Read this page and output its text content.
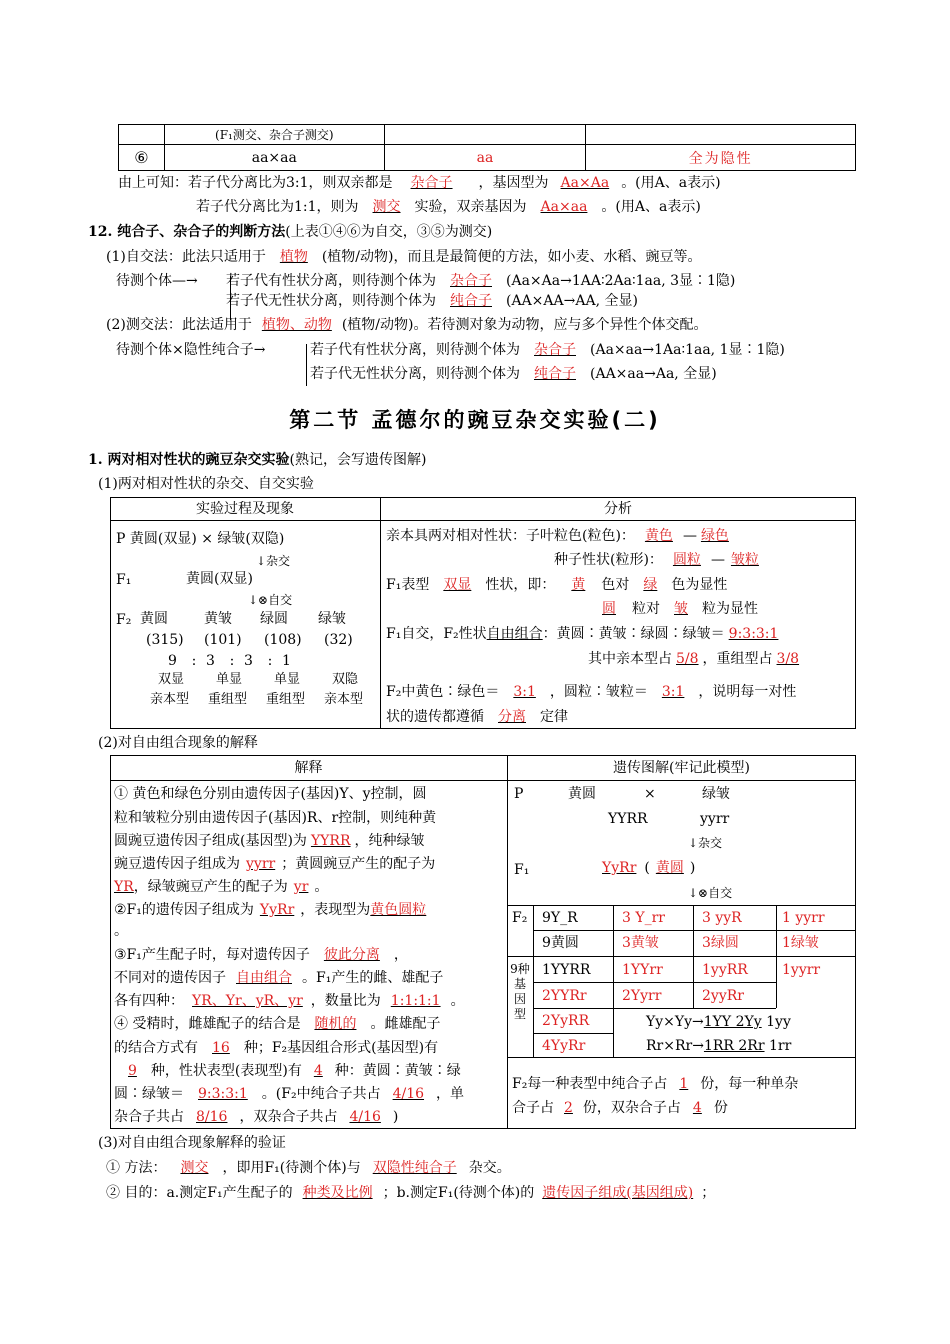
	(F₁测交、杂合子测交)		
⑥	aa×aa	aa	全为隐性
由上可知：若子代分离比为3:1，则双亲都是 杂合子 ，基因型为 Aa×Aa 。(用A、a表示)
若子代分离比为1:1，则为 测交 实验，双亲基因为 Aa×aa 。(用A、a表示)
12. 纯合子、杂合子的判断方法(上表①④⑥为自交，③⑤为测交)
(1)自交法：此法只适用于 植物 (植物/动物)，而且是最简便的方法，如小麦、水稻、豌豆等。
待测个体—→ 若子代有性状分离，则待测个体为 杂合子 (Aa×Aa→1AA∶2Aa∶1aa, 3显∶1隐)
若子代无性状分离，则待测个体为 纯合子 (AA×AA→AA, 全显)
(2)测交法：此法适用于 植物、动物 (植物/动物)。若待测对象为动物，应与多个异性个体交配。
待测个体×隐性纯合子→	若子代有性状分离，则待测个体为 杂合子 (Aa×aa→1Aa∶1aa, 1显∶1隐)
若子代无性状分离，则待测个体为 纯合子 (AA×aa→Aa, 全显)
第二节 孟德尔的豌豆杂交实验(二)
1. 两对相对性状的豌豆杂交实验(熟记，会写遗传图解)
(1)两对相对性状的杂交、自交实验
实验过程及现象	分析
P 黄圆(双显) × 绿皱(双隐)
↓杂交
F₁	黄圆(双显)
↓⊗自交
F₂ 黄圆	黄皱 绿圆 绿皱
(315) (101) (108) (32)
9 : 3 : 3 : 1
双显 单显 单显 双隐
亲本型 重组型 重组型 亲本型
亲本具两对相对性状：子叶粒色(粒色)： 黄色 — 绿色
种子性状(粒形)： 圆粒 — 皱粒
F₁表型 双显 性状，即： 黄 色对 绿 色为显性
圆 粒对 皱 粒为显性
F₁自交，F₂性状自由组合：黄圆∶黄皱∶绿圆∶绿皱＝ 9:3:3:1
其中亲本型占 5/8 ，重组型占 3/8
F₂中黄色∶绿色＝ 3:1 ，圆粒∶皱粒＝ 3:1 ，说明每一对性
状的遗传都遵循 分离 定律
(2)对自由组合现象的解释
解释	遗传图解(牢记此模型)
① 黄色和绿色分别由遗传因子(基因)Y、y控制，圆
粒和皱粒分别由遗传因子(基因)R、r控制，则纯种黄
圆豌豆遗传因子组成(基因型)为 YYRR ，纯种绿皱
豌豆遗传因子组成为 yyrr ；黄圆豌豆产生的配子为
YR，绿皱豌豆产生的配子为 yr 。
②F₁的遗传因子组成为 YyRr ，表现型为黄色圆粒
。
③F₁产生配子时，每对遗传因子 彼此分离 ，
不同对的遗传因子 自由组合 。F₁产生的雌、雄配子
各有四种： YR、Yr、yR、yr ，数量比为 1:1:1:1 。
④ 受精时，雌雄配子的结合是 随机的 。雌雄配子
的结合方式有 16 种；F₂基因组合形式(基因型)有
9 种，性状表型(表现型)有 4 种：黄圆∶黄皱∶绿
圆∶绿皱＝ 9:3:3:1 。(F₂中纯合子共占 4/16 ，单
杂合子共占 8/16 ，双杂合子共占 4/16 )
P	黄圆	×	绿皱
YYRR	yyrr
↓杂交
F₁	YyRr ( 黄圆 )
↓⊗自交
F₂ 9Y_R	3 Y_rr	3 yyR	1 yyrr
9黄圆	3黄皱	3绿圆	1绿皱
9种基因型
1YYRR 1YYrr	1yyRR 1yyrr
2YYRr	2Yyrr	2yyRr
2YyRR
4YyRr
Yy×Yy→1YY 2Yy 1yy
Rr×Rr→1RR 2Rr 1rr
F₂每一种表型中纯合子占 1 份，每一种单杂
合子占 2 份，双杂合子占 4 份
(3)对自由组合现象解释的验证
① 方法： 测交 ，即用F₁(待测个体)与 双隐性纯合子 杂交。
② 目的：a.测定F₁产生配子的 种类及比例 ；b.测定F₁(待测个体)的 遗传因子组成(基因组成) ；
